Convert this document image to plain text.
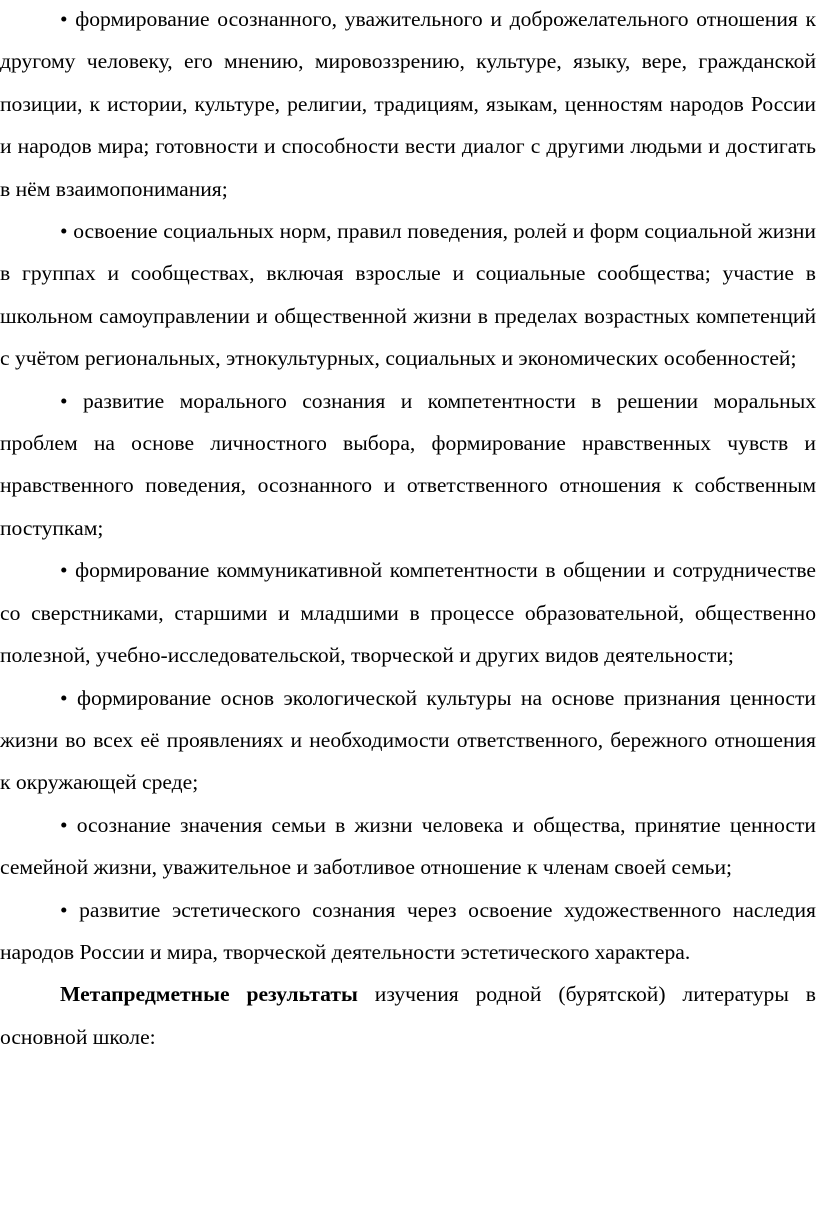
• формирование осознанного, уважительного и доброжелательного отношения к другому человеку, его мнению, мировоззрению, культуре, языку, вере, гражданской позиции, к истории, культуре, религии, традициям, языкам, ценностям народов России и народов мира; готовности и способности вести диалог с другими людьми и достигать в нём взаимопонимания;

• освоение социальных норм, правил поведения, ролей и форм социальной жизни в группах и сообществах, включая взрослые и социальные сообщества; участие в школьном самоуправлении и общественной жизни в пределах возрастных компетенций с учётом региональных, этнокультурных, социальных и экономических особенностей;

• развитие морального сознания и компетентности в решении моральных проблем на основе личностного выбора, формирование нравственных чувств и нравственного поведения, осознанного и ответственного отношения к собственным поступкам;

• формирование коммуникативной компетентности в общении и сотрудничестве со сверстниками, старшими и младшими в процессе образовательной, общественно полезной, учебно-исследовательской, творческой и других видов деятельности;

• формирование основ экологической культуры на основе признания ценности жизни во всех её проявлениях и необходимости ответственного, бережного отношения к окружающей среде;

• осознание значения семьи в жизни человека и общества, принятие ценности семейной жизни, уважительное и заботливое отношение к членам своей семьи;

• развитие эстетического сознания через освоение художественного наследия народов России и мира, творческой деятельности эстетического характера.

Метапредметные результаты изучения родной (бурятской) литературы в основной школе:
